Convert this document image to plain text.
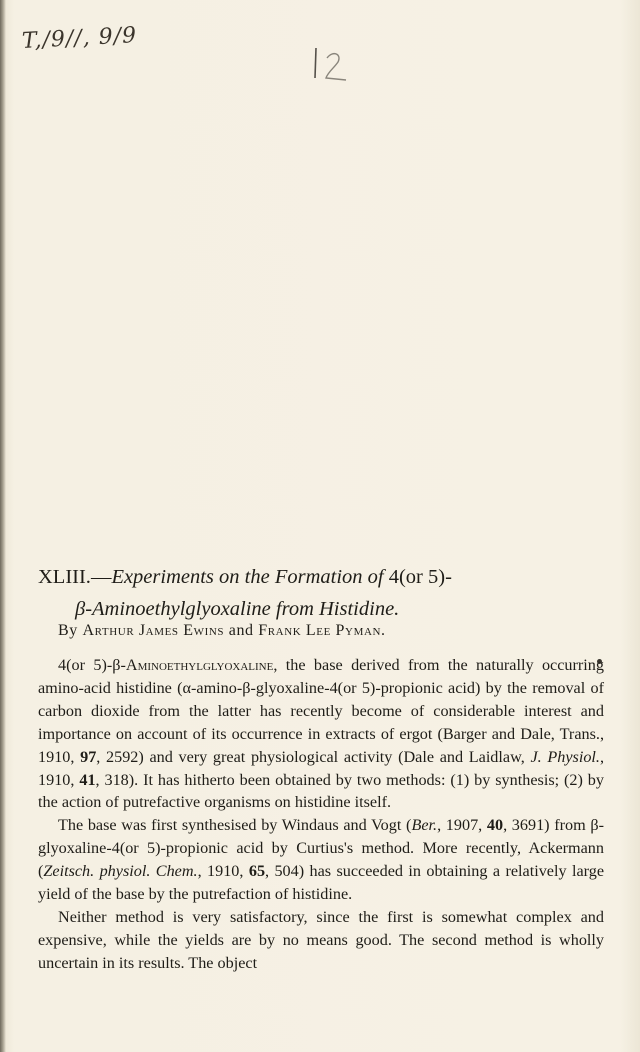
T,/9//, 9/9
XLIII.—Experiments on the Formation of 4(or 5)-
β-Aminoethylglyoxaline from Histidine.
By Arthur James Ewins and Frank Lee Pyman.

4(or 5)-β-Aminoethylglyoxaline, the base derived from the naturally occurring amino-acid histidine (α-amino-β-glyoxaline-4(or 5)-propionic acid) by the removal of carbon dioxide from the latter has recently become of considerable interest and importance on account of its occurrence in extracts of ergot (Barger and Dale, Trans., 1910, 97, 2592) and very great physiological activity (Dale and Laidlaw, J. Physiol., 1910, 41, 318). It has hitherto been obtained by two methods: (1) by synthesis; (2) by the action of putrefactive organisms on histidine itself.

The base was first synthesised by Windaus and Vogt (Ber., 1907, 40, 3691) from β-glyoxaline-4(or 5)-propionic acid by Curtius's method. More recently, Ackermann (Zeitsch. physiol. Chem., 1910, 65, 504) has succeeded in obtaining a relatively large yield of the base by the putrefaction of histidine.

Neither method is very satisfactory, since the first is somewhat complex and expensive, while the yields are by no means good. The second method is wholly uncertain in its results. The object
